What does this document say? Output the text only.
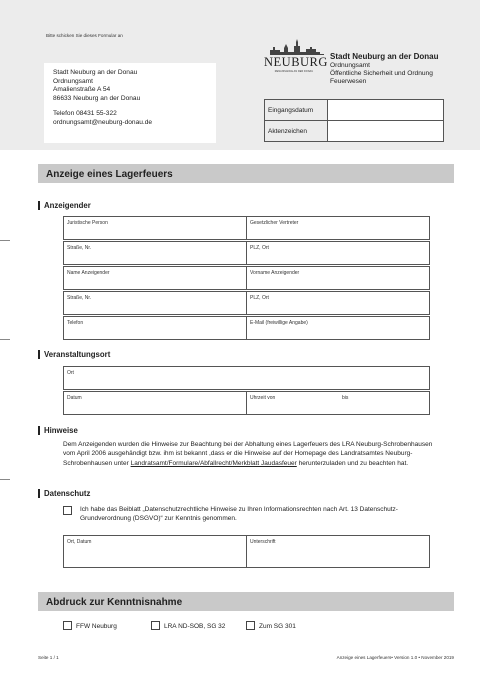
Bitte schicken Sie dieses Formular an
Stadt Neuburg an der Donau
Ordnungsamt
Amalienstraße A 54
86633 Neuburg an der Donau
Telefon 08431 55-322
ordnungsamt@neuburg-donau.de
NEUBURG
RENAISSANCE AN DER DONAU
Stadt Neuburg an der Donau
Ordnungsamt
Öffentliche Sicherheit und Ordnung
Feuerwesen
Eingangsdatum	
Aktenzeichen	
Anzeige eines Lagerfeuers
Anzeigender
Juristische Person	Gesetzlicher Vertreter
Straße, Nr.	PLZ, Ort
Name Anzeigender	Vorname Anzeigender
Straße, Nr.	PLZ, Ort
Telefon	E-Mail (freiwillige Angabe)
Veranstaltungsort
Ort
Datum	Uhrzeit von	bis
Hinweise
Dem Anzeigenden wurden die Hinweise zur Beachtung bei der Abhaltung eines Lagerfeuers des LRA Neuburg-Schrobenhausen vom April 2006 ausgehändigt bzw. ihm ist bekannt ,dass er die Hinweise auf der Homepage des Landratsamtes Neuburg-Schrobenhausen unter Landratsamt/Formulare/Abfallrecht/Merkblatt Jaudasfeuer herunterzuladen und zu beachten hat.
Datenschutz
Ich habe das Beiblatt „Datenschutzrechtliche Hinweise zu Ihren Informationsrechten nach Art. 13 Datenschutz-Grundverordnung (DSGVO)“ zur Kenntnis genommen.
Ort, Datum	Unterschrift
Abdruck zur Kenntnisnahme
FFW Neuburg	LRA ND-SOB, SG 32	Zum SG 301
Seite 1 / 1	Anzeige eines Lagerfeuers• Version 1.0 • November 2019
